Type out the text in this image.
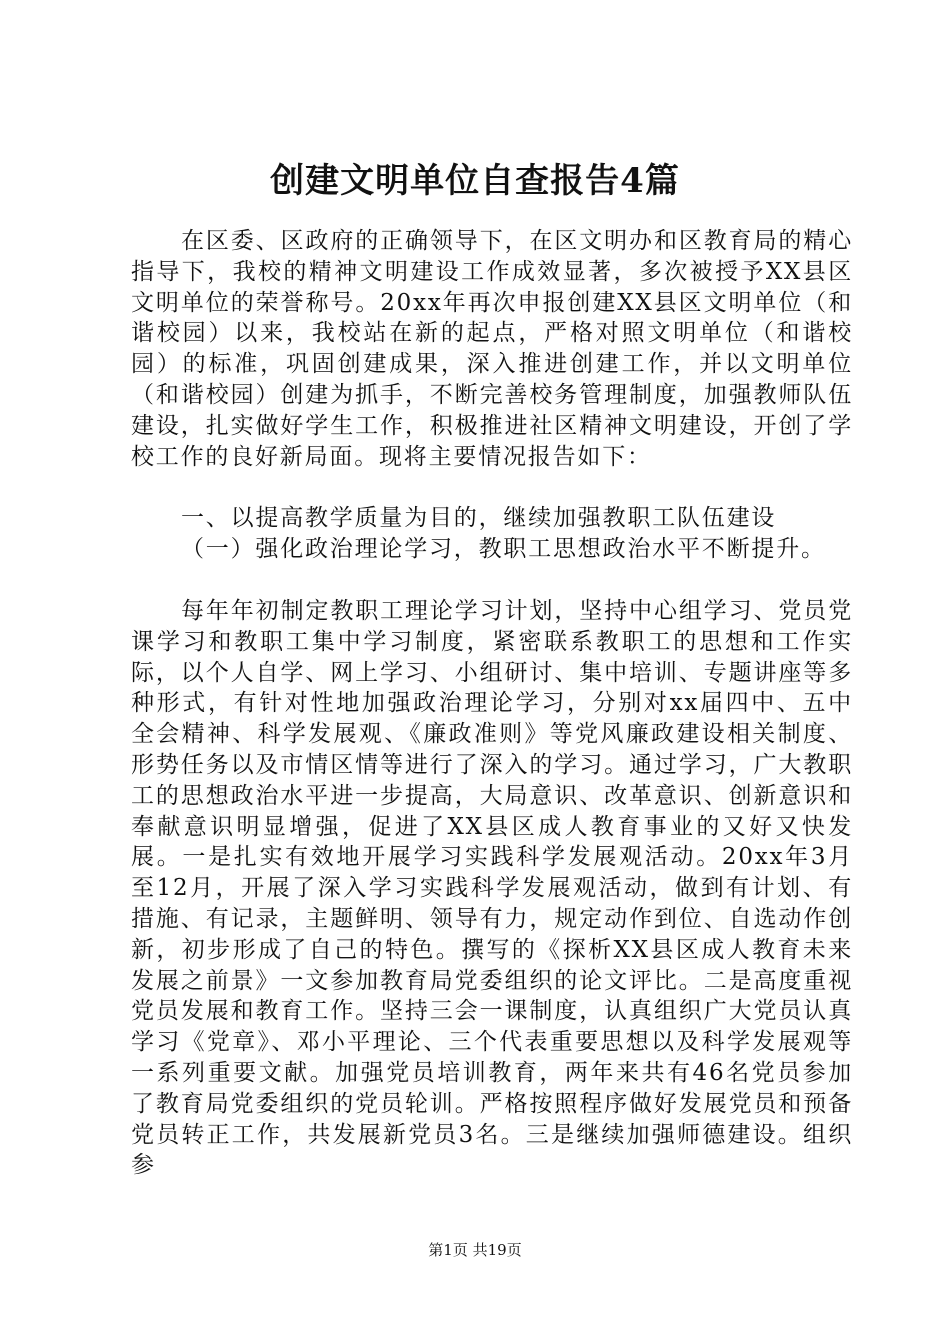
创建文明单位自查报告4篇

在区委、区政府的正确领导下，在区文明办和区教育局的精心指导下，我校的精神文明建设工作成效显著，多次被授予XX县区文明单位的荣誉称号。20xx年再次申报创建XX县区文明单位（和谐校园）以来，我校站在新的起点，严格对照文明单位（和谐校园）的标准，巩固创建成果，深入推进创建工作，并以文明单位（和谐校园）创建为抓手，不断完善校务管理制度，加强教师队伍建设，扎实做好学生工作，积极推进社区精神文明建设，开创了学校工作的良好新局面。现将主要情况报告如下：

一、以提高教学质量为目的，继续加强教职工队伍建设
（一）强化政治理论学习，教职工思想政治水平不断提升。

每年年初制定教职工理论学习计划，坚持中心组学习、党员党课学习和教职工集中学习制度，紧密联系教职工的思想和工作实际，以个人自学、网上学习、小组研讨、集中培训、专题讲座等多种形式，有针对性地加强政治理论学习，分别对xx届四中、五中全会精神、科学发展观、《廉政准则》等党风廉政建设相关制度、形势任务以及市情区情等进行了深入的学习。通过学习，广大教职工的思想政治水平进一步提高，大局意识、改革意识、创新意识和奉献意识明显增强，促进了XX县区成人教育事业的又好又快发展。一是扎实有效地开展学习实践科学发展观活动。20xx年3月至12月，开展了深入学习实践科学发展观活动，做到有计划、有措施、有记录，主题鲜明、领导有力，规定动作到位、自选动作创新，初步形成了自己的特色。撰写的《探析XX县区成人教育未来发展之前景》一文参加教育局党委组织的论文评比。二是高度重视党员发展和教育工作。坚持三会一课制度，认真组织广大党员认真学习《党章》、邓小平理论、三个代表重要思想以及科学发展观等一系列重要文献。加强党员培训教育，两年来共有46名党员参加了教育局党委组织的党员轮训。严格按照程序做好发展党员和预备党员转正工作，共发展新党员3名。三是继续加强师德建设。组织参

第1页 共19页
